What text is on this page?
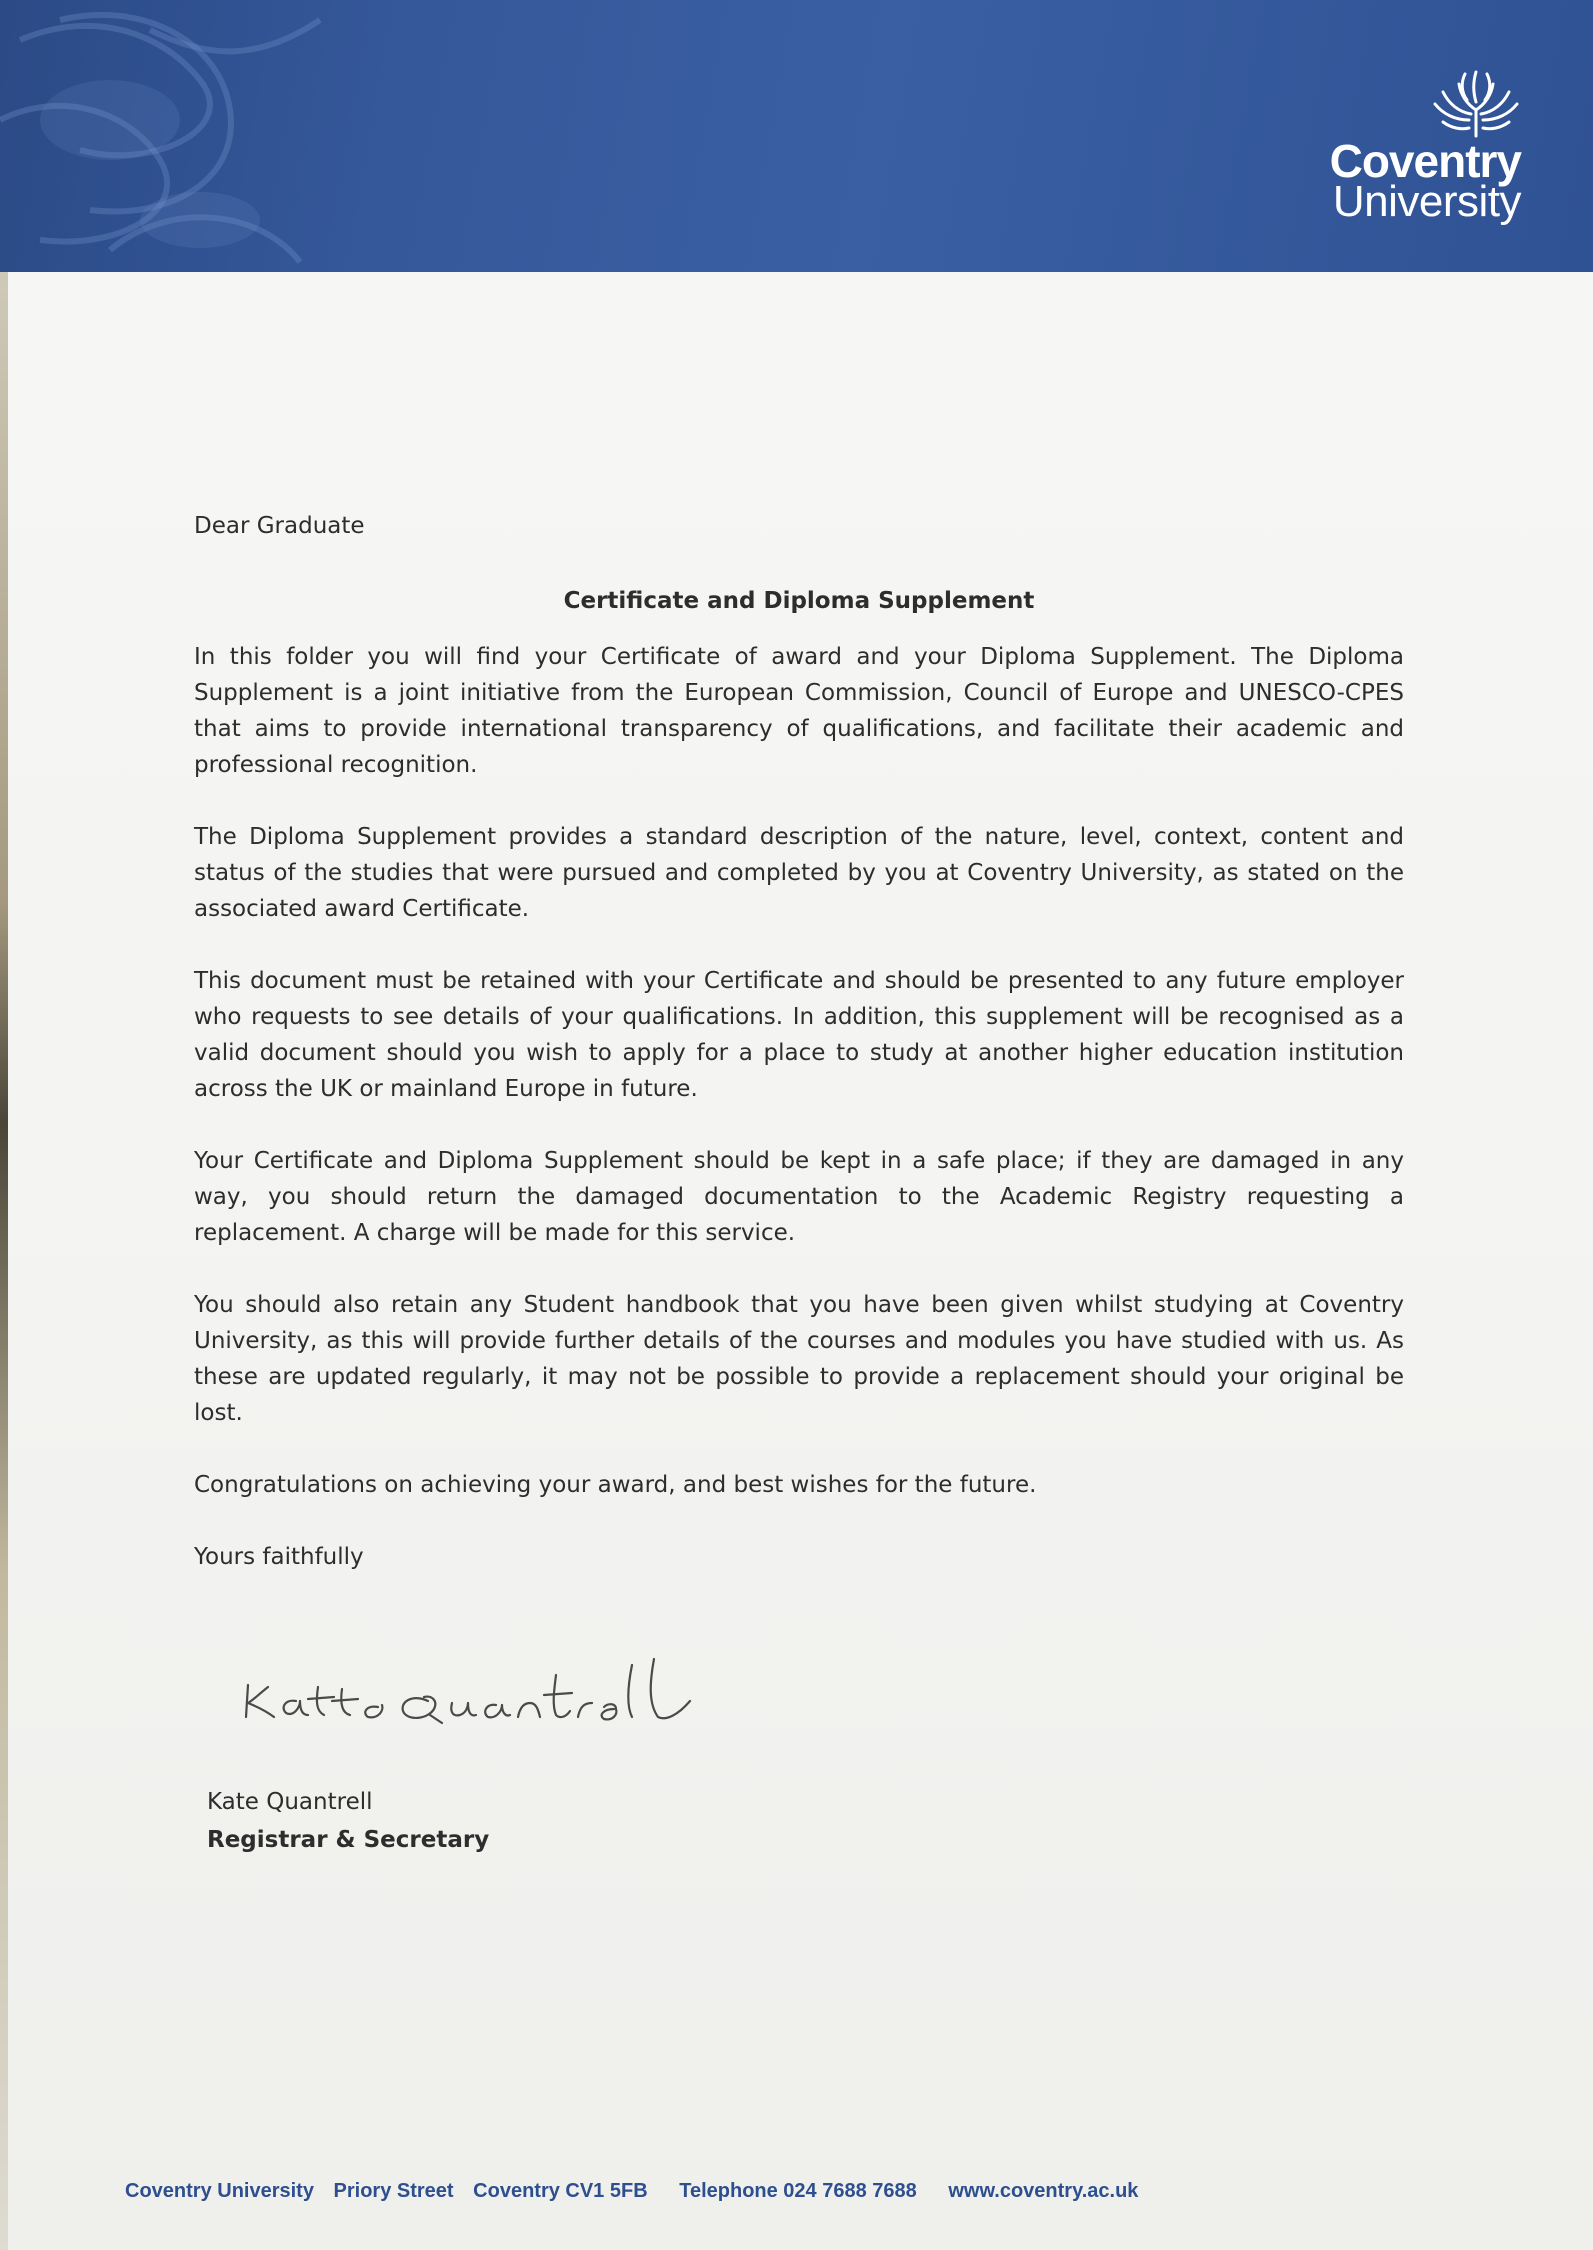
Coventry
University
Dear Graduate
Certificate and Diploma Supplement
In this folder you will find your Certificate of award and your Diploma Supplement. The Diploma Supplement is a joint initiative from the European Commission, Council of Europe and UNESCO-CPES that aims to provide international transparency of qualifications, and facilitate their academic and professional recognition.
The Diploma Supplement provides a standard description of the nature, level, context, content and status of the studies that were pursued and completed by you at Coventry University, as stated on the associated award Certificate.
This document must be retained with your Certificate and should be presented to any future employer who requests to see details of your qualifications. In addition, this supplement will be recognised as a valid document should you wish to apply for a place to study at another higher education institution across the UK or mainland Europe in future.
Your Certificate and Diploma Supplement should be kept in a safe place; if they are damaged in any way, you should return the damaged documentation to the Academic Registry requesting a replacement. A charge will be made for this service.
You should also retain any Student handbook that you have been given whilst studying at Coventry University, as this will provide further details of the courses and modules you have studied with us. As these are updated regularly, it may not be possible to provide a replacement should your original be lost.
Congratulations on achieving your award, and best wishes for the future.
Yours faithfully
Kate Quantrell
Registrar & Secretary
Coventry University Priory Street Coventry CV1 5FB Telephone 024 7688 7688 www.coventry.ac.uk
